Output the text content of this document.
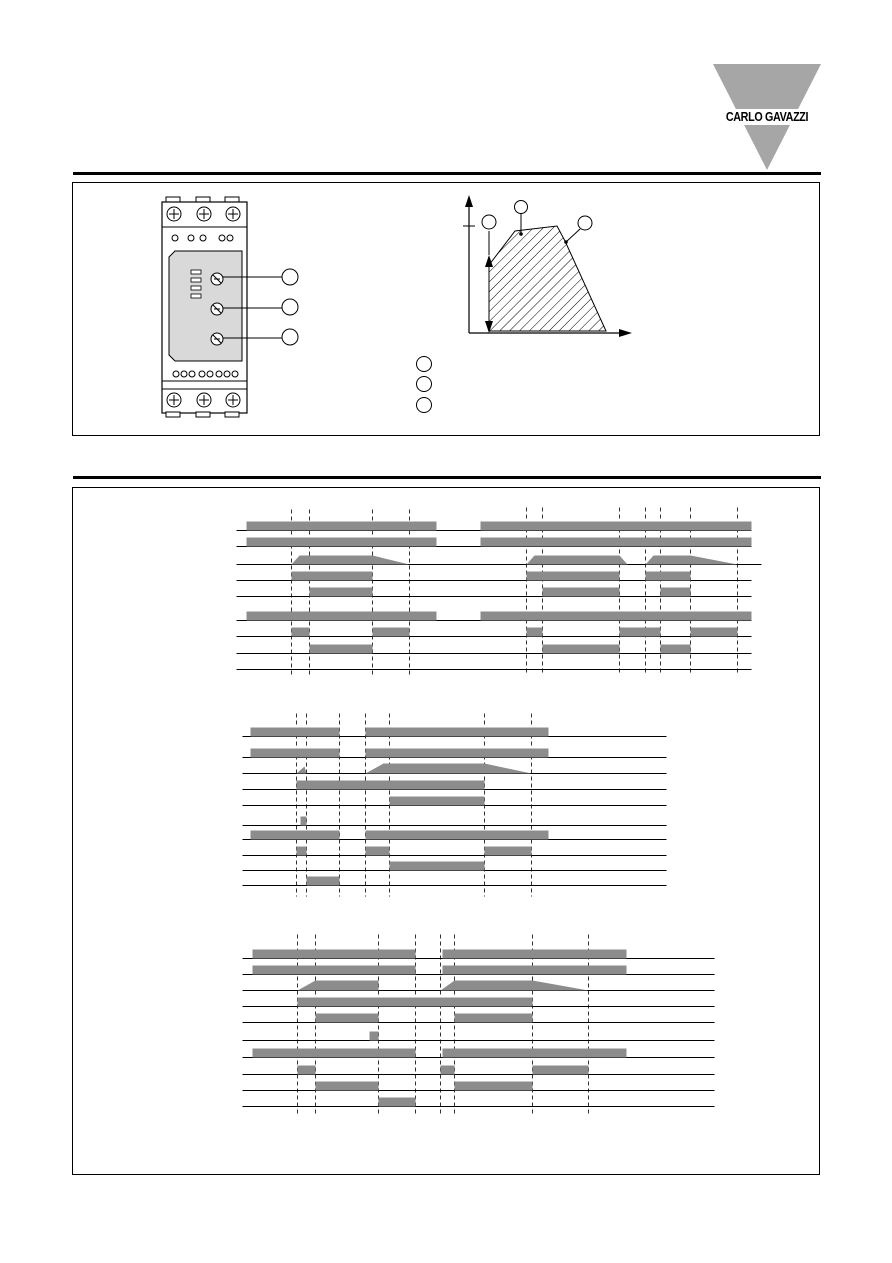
CARLO GAVAZZI
